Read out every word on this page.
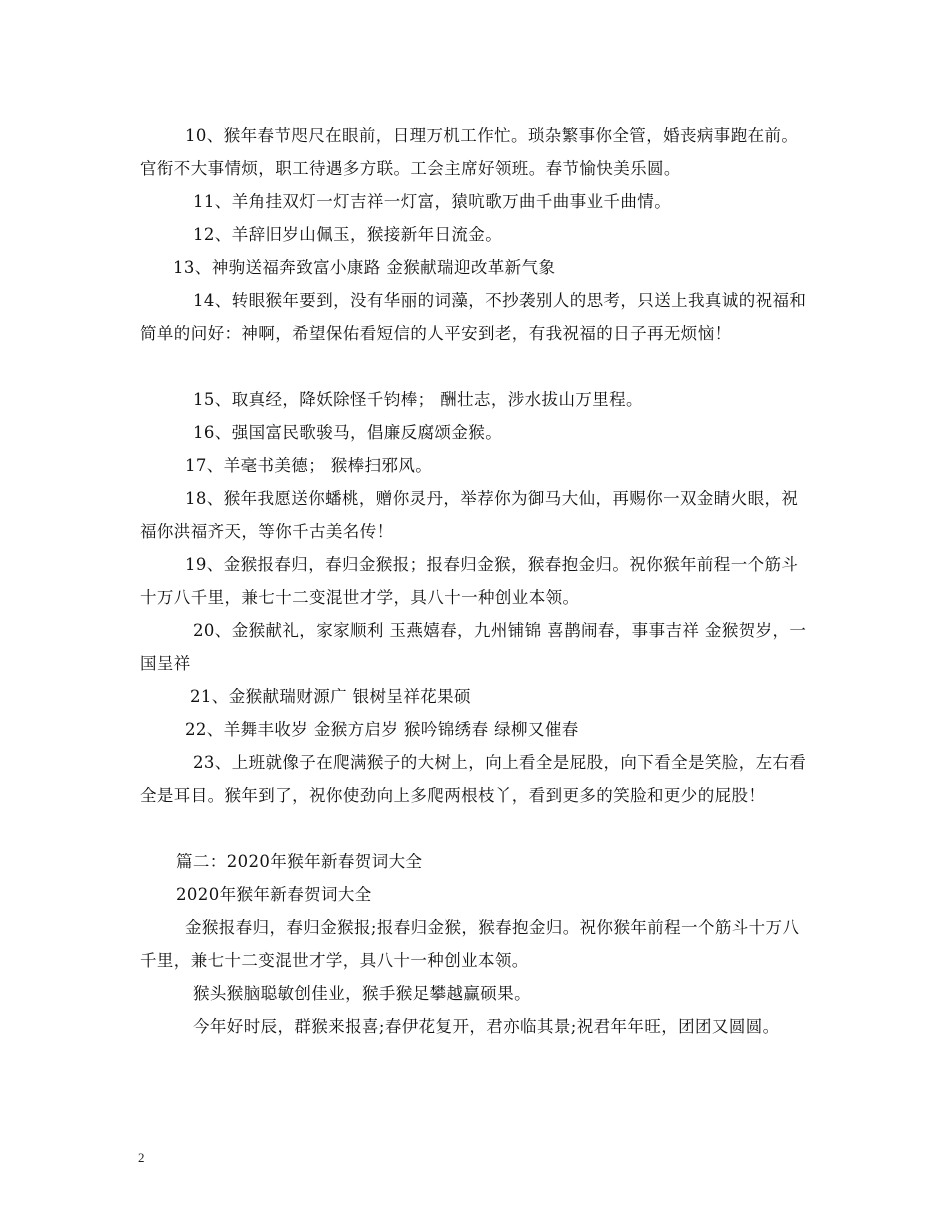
10、猴年春节咫尺在眼前，日理万机工作忙。琐杂繁事你全管，婚丧病事跑在前。官衔不大事情烦，职工待遇多方联。工会主席好领班。春节愉快美乐圆。

11、羊角挂双灯一灯吉祥一灯富，猿吭歌万曲千曲事业千曲情。

12、羊辞旧岁山佩玉，猴接新年日流金。

13、神驹送福奔致富小康路 金猴献瑞迎改革新气象

14、转眼猴年要到，没有华丽的词藻，不抄袭别人的思考，只送上我真诚的祝福和简单的问好：神啊，希望保佑看短信的人平安到老，有我祝福的日子再无烦恼！

15、取真经，降妖除怪千钧棒； 酬壮志，涉水拔山万里程。

16、强国富民歌骏马，倡廉反腐颂金猴。

17、羊毫书美德； 猴棒扫邪风。

18、猴年我愿送你蟠桃，赠你灵丹，举荐你为御马大仙，再赐你一双金睛火眼，祝福你洪福齐天，等你千古美名传！

19、金猴报春归，春归金猴报；报春归金猴，猴春抱金归。祝你猴年前程一个筋斗十万八千里，兼七十二变混世才学，具八十一种创业本领。

20、金猴献礼，家家顺利 玉燕嬉春，九州铺锦 喜鹊闹春，事事吉祥 金猴贺岁，一国呈祥

21、金猴献瑞财源广 银树呈祥花果硕

22、羊舞丰收岁 金猴方启岁 猴吟锦绣春 绿柳又催春

23、上班就像子在爬满猴子的大树上，向上看全是屁股，向下看全是笑脸，左右看全是耳目。猴年到了，祝你使劲向上多爬两根枝丫，看到更多的笑脸和更少的屁股！

篇二：2020年猴年新春贺词大全

2020年猴年新春贺词大全

金猴报春归，春归金猴报;报春归金猴，猴春抱金归。祝你猴年前程一个筋斗十万八千里，兼七十二变混世才学，具八十一种创业本领。

猴头猴脑聪敏创佳业，猴手猴足攀越赢硕果。

今年好时辰，群猴来报喜;春伊花复开，君亦临其景;祝君年年旺，团团又圆圆。

2
